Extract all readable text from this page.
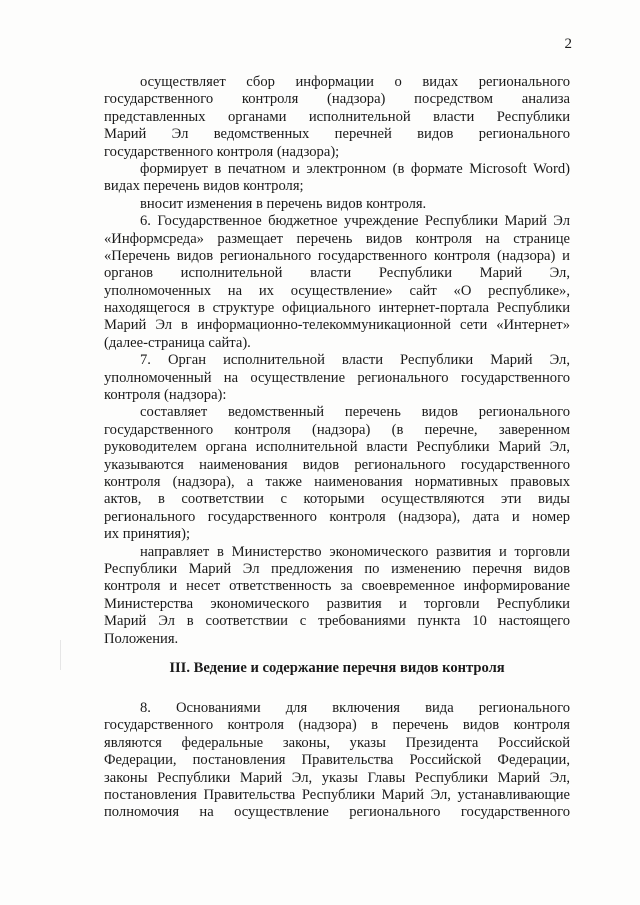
2
осуществляет сбор информации о видах регионального
государственного контроля (надзора) посредством анализа
представленных органами исполнительной власти Республики
Марий Эл ведомственных перечней видов регионального
государственного контроля (надзора);
формирует в печатном и электронном (в формате Microsoft Word)
видах перечень видов контроля;
вносит изменения в перечень видов контроля.
6. Государственное бюджетное учреждение Республики Марий Эл
«Информсреда» размещает перечень видов контроля на странице
«Перечень видов регионального государственного контроля (надзора) и
органов исполнительной власти Республики Марий Эл,
уполномоченных на их осуществление» сайт «О республике»,
находящегося в структуре официального интернет-портала Республики
Марий Эл в информационно-телекоммуникационной сети «Интернет»
(далее-страница сайта).
7. Орган исполнительной власти Республики Марий Эл,
уполномоченный на осуществление регионального государственного
контроля (надзора):
составляет ведомственный перечень видов регионального
государственного контроля (надзора) (в перечне, заверенном
руководителем органа исполнительной власти Республики Марий Эл,
указываются наименования видов регионального государственного
контроля (надзора), а также наименования нормативных правовых
актов, в соответствии с которыми осуществляются эти виды
регионального государственного контроля (надзора), дата и номер
их принятия);
направляет в Министерство экономического развития и торговли
Республики Марий Эл предложения по изменению перечня видов
контроля и несет ответственность за своевременное информирование
Министерства экономического развития и торговли Республики
Марий Эл в соответствии с требованиями пункта 10 настоящего
Положения.
III. Ведение и содержание перечня видов контроля
8. Основаниями для включения вида регионального
государственного контроля (надзора) в перечень видов контроля
являются федеральные законы, указы Президента Российской
Федерации, постановления Правительства Российской Федерации,
законы Республики Марий Эл, указы Главы Республики Марий Эл,
постановления Правительства Республики Марий Эл, устанавливающие
полномочия на осуществление регионального государственного
